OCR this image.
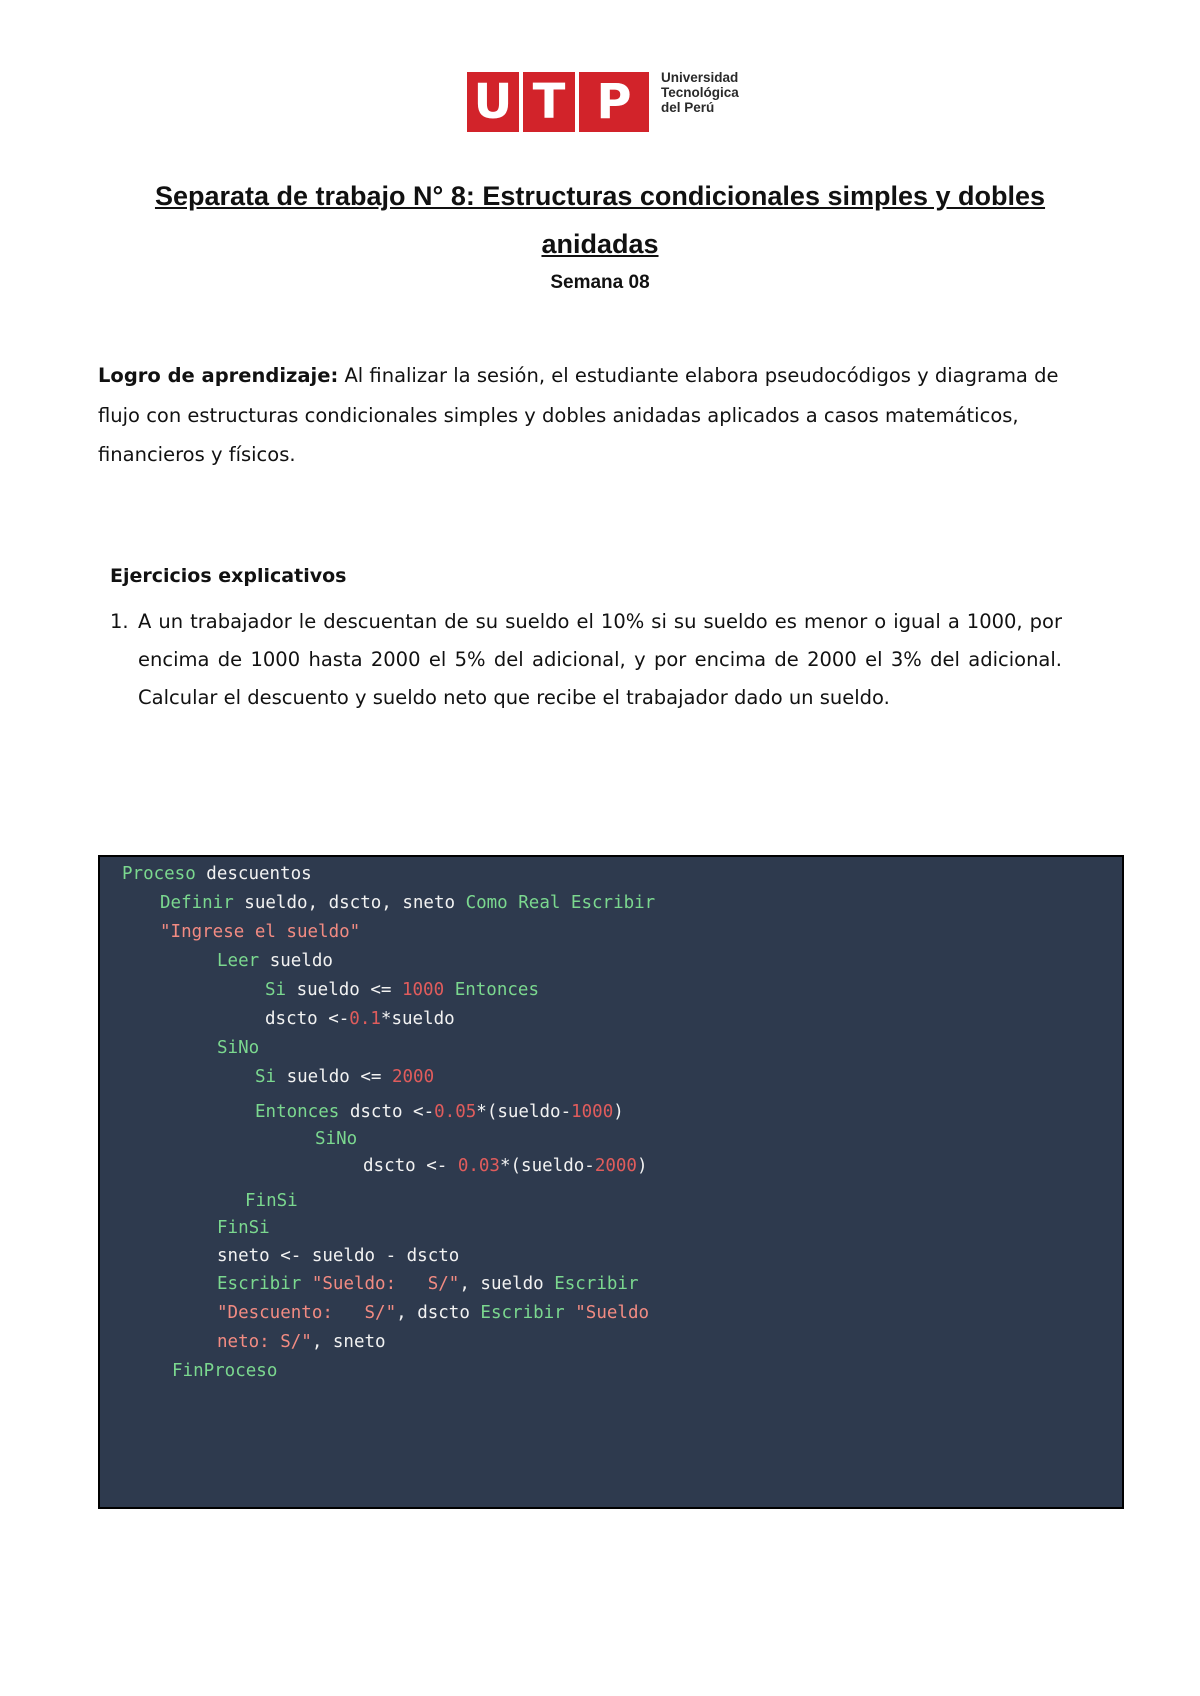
U T P	Universidad
Tecnológica
del Perú
Separata de trabajo N° 8: Estructuras condicionales simples y dobles anidadas
Semana 08
Logro de aprendizaje: Al finalizar la sesión, el estudiante elabora pseudocódigos y diagrama de flujo con estructuras condicionales simples y dobles anidadas aplicados a casos matemáticos, financieros y físicos.
Ejercicios explicativos
1. A un trabajador le descuentan de su sueldo el 10% si su sueldo es menor o igual a 1000, por encima de 1000 hasta 2000 el 5% del adicional, y por encima de 2000 el 3% del adicional. Calcular el descuento y sueldo neto que recibe el trabajador dado un sueldo.
Proceso descuentos
Definir sueldo, dscto, sneto Como Real Escribir
"Ingrese el sueldo"
Leer sueldo
Si sueldo <= 1000 Entonces
dscto <-0.1*sueldo
SiNo
Si sueldo <= 2000
Entonces dscto <-0.05*(sueldo-1000)
SiNo
dscto <- 0.03*(sueldo-2000)
FinSi
FinSi
sneto <- sueldo - dscto
Escribir "Sueldo:   S/", sueldo Escribir
"Descuento:   S/", dscto Escribir "Sueldo
neto: S/", sneto
FinProceso
